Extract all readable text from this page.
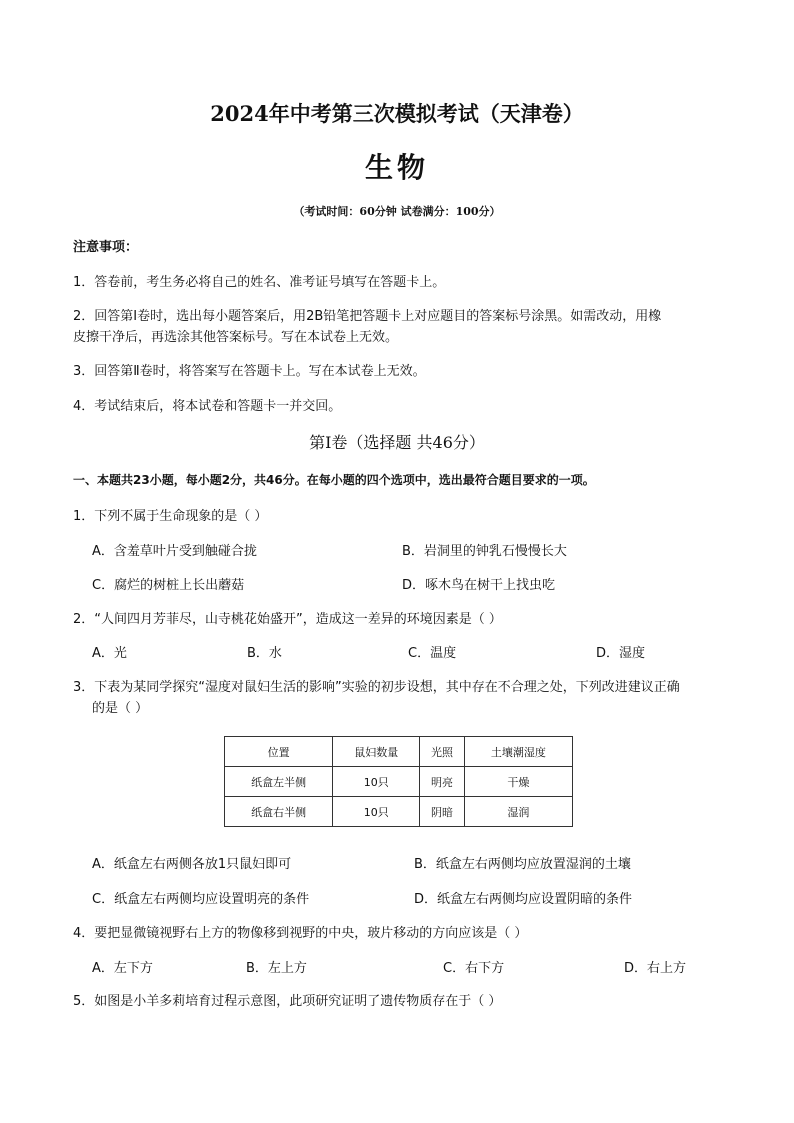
2024年中考第三次模拟考试（天津卷）
生物
（考试时间：60分钟 试卷满分：100分）
注意事项：
1．答卷前，考生务必将自己的姓名、准考证号填写在答题卡上。
2．回答第Ⅰ卷时，选出每小题答案后，用2B铅笔把答题卡上对应题目的答案标号涂黑。如需改动，用橡
皮擦干净后，再选涂其他答案标号。写在本试卷上无效。
3．回答第Ⅱ卷时，将答案写在答题卡上。写在本试卷上无效。
4．考试结束后，将本试卷和答题卡一并交回。
第Ⅰ卷（选择题 共46分）
一、本题共23小题，每小题2分，共46分。在每小题的四个选项中，选出最符合题目要求的一项。
1．下列不属于生命现象的是（ ）
A．含羞草叶片受到触碰合拢	B．岩洞里的钟乳石慢慢长大
C．腐烂的树桩上长出蘑菇	D．啄木鸟在树干上找虫吃
2．“人间四月芳菲尽，山寺桃花始盛开”，造成这一差异的环境因素是（ ）
A．光	B．水	C．温度	D．湿度
3．下表为某同学探究“湿度对鼠妇生活的影响”实验的初步设想，其中存在不合理之处，下列改进建议正确
的是（ ）
位置	鼠妇数量	光照	土壤潮湿度
纸盒左半侧	10只	明亮	干燥
纸盒右半侧	10只	阴暗	湿润
A．纸盒左右两侧各放1只鼠妇即可	B．纸盒左右两侧均应放置湿润的土壤
C．纸盒左右两侧均应设置明亮的条件	D．纸盒左右两侧均应设置阴暗的条件
4．要把显微镜视野右上方的物像移到视野的中央，玻片移动的方向应该是（ ）
A．左下方	B．左上方	C．右下方	D．右上方
5．如图是小羊多莉培育过程示意图，此项研究证明了遗传物质存在于（ ）
